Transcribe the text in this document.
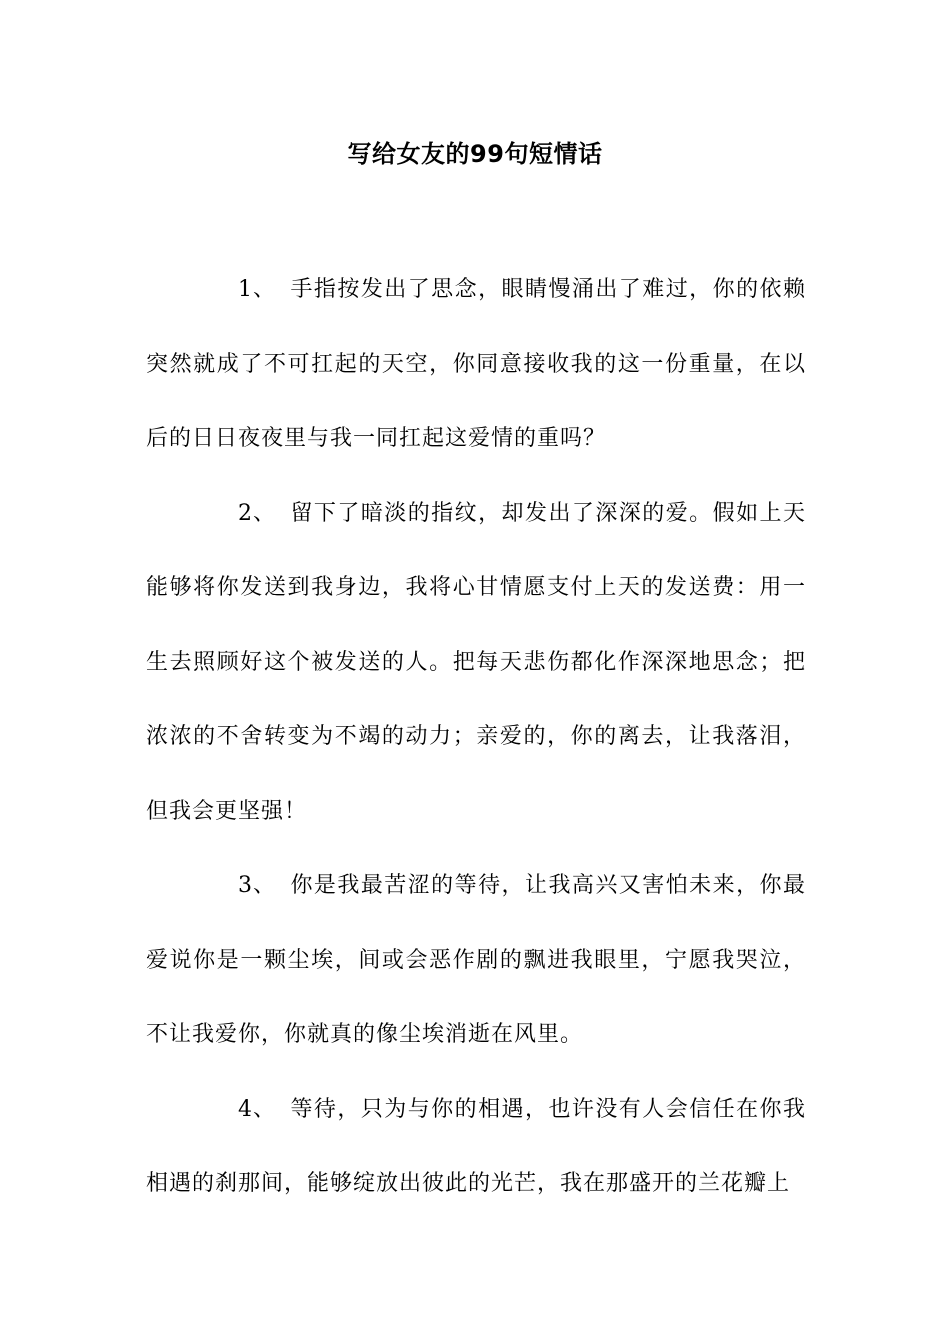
写给女友的99句短情话

1、 手指按发出了思念，眼睛慢涌出了难过，你的依赖突然就成了不可扛起的天空，你同意接收我的这一份重量，在以后的日日夜夜里与我一同扛起这爱情的重吗？

2、 留下了暗淡的指纹，却发出了深深的爱。假如上天能够将你发送到我身边，我将心甘情愿支付上天的发送费：用一生去照顾好这个被发送的人。把每天悲伤都化作深深地思念；把浓浓的不舍转变为不竭的动力；亲爱的，你的离去，让我落泪，但我会更坚强！

3、 你是我最苦涩的等待，让我高兴又害怕未来，你最爱说你是一颗尘埃，间或会恶作剧的飘进我眼里，宁愿我哭泣，不让我爱你，你就真的像尘埃消逝在风里。

4、 等待，只为与你的相遇，也许没有人会信任在你我相遇的刹那间，能够绽放出彼此的光芒，我在那盛开的兰花瓣上
